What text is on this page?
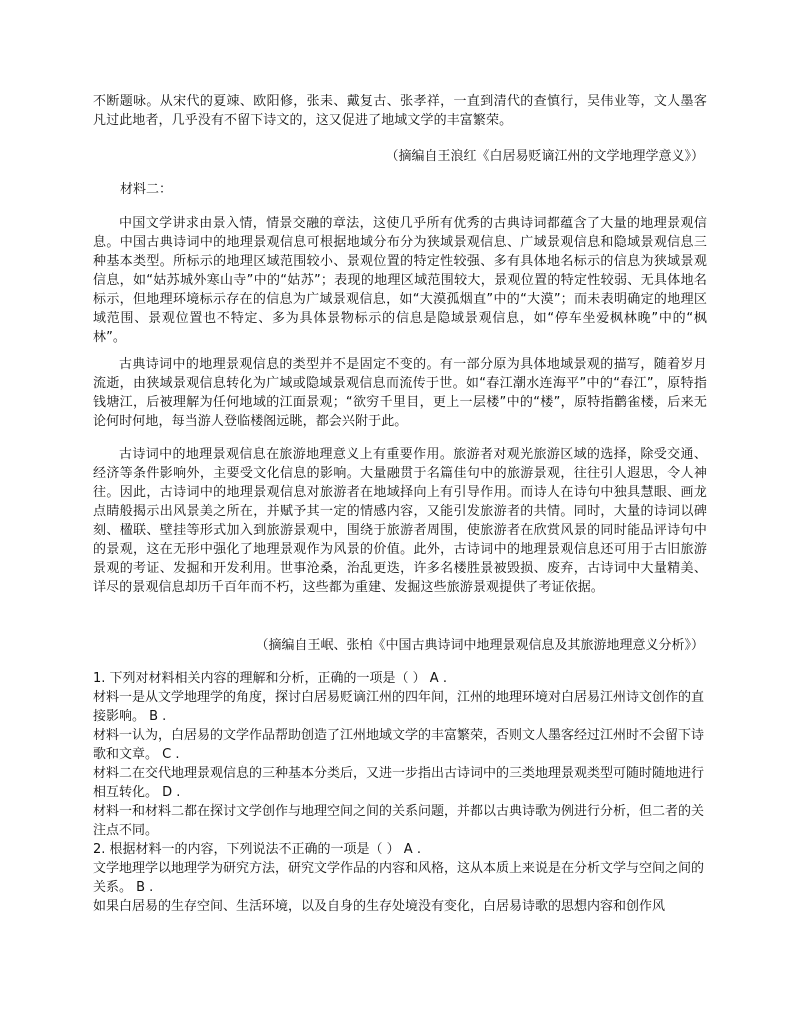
不断题咏。从宋代的夏竦、欧阳修，张耒、戴复古、张孝祥，一直到清代的查慎行，吴伟业等，文人墨客凡过此地者，几乎没有不留下诗文的，这又促进了地域文学的丰富繁荣。

（摘编自王浪红《白居易贬谪江州的文学地理学意义》）

材料二：

中国文学讲求由景入情，情景交融的章法，这使几乎所有优秀的古典诗词都蕴含了大量的地理景观信息。中国古典诗词中的地理景观信息可根据地域分布分为狭域景观信息、广域景观信息和隐域景观信息三种基本类型。所标示的地理区域范围较小、景观位置的特定性较强、多有具体地名标示的信息为狭域景观信息，如“姑苏城外寒山寺”中的“姑苏”；表现的地理区域范围较大，景观位置的特定性较弱、无具体地名标示，但地理环境标示存在的信息为广域景观信息，如“大漠孤烟直”中的“大漠”；而未表明确定的地理区域范围、景观位置也不特定、多为具体景物标示的信息是隐域景观信息，如“停车坐爱枫林晚”中的“枫林”。

古典诗词中的地理景观信息的类型并不是固定不变的。有一部分原为具体地域景观的描写，随着岁月流逝，由狭域景观信息转化为广域或隐域景观信息而流传于世。如“春江潮水连海平”中的“春江”，原特指钱塘江，后被理解为任何地域的江面景观；“欲穷千里目，更上一层楼”中的“楼”，原特指鹳雀楼，后来无论何时何地，每当游人登临楼阁远眺，都会兴附于此。

古诗词中的地理景观信息在旅游地理意义上有重要作用。旅游者对观光旅游区域的选择，除受交通、经济等条件影响外，主要受文化信息的影响。大量融贯于名篇佳句中的旅游景观，往往引人遐思，令人神往。因此，古诗词中的地理景观信息对旅游者在地域择向上有引导作用。而诗人在诗句中独具慧眼、画龙点睛般揭示出风景美之所在，并赋予其一定的情感内容，又能引发旅游者的共情。同时，大量的诗词以碑刻、楹联、壁挂等形式加入到旅游景观中，围绕于旅游者周围，使旅游者在欣赏风景的同时能品评诗句中的景观，这在无形中强化了地理景观作为风景的价值。此外，古诗词中的地理景观信息还可用于古旧旅游景观的考证、发掘和开发利用。世事沧桑，治乱更迭，许多名楼胜景被毁损、废弃，古诗词中大量精美、详尽的景观信息却历千百年而不朽，这些都为重建、发掘这些旅游景观提供了考证依据。

（摘编自王岷、张柏《中国古典诗词中地理景观信息及其旅游地理意义分析》）

1. 下列对材料相关内容的理解和分析，正确的一项是（ ） A .

材料一是从文学地理学的角度，探讨白居易贬谪江州的四年间，江州的地理环境对白居易江州诗文创作的直接影响。 B .

材料一认为，白居易的文学作品帮助创造了江州地域文学的丰富繁荣，否则文人墨客经过江州时不会留下诗歌和文章。 C .

材料二在交代地理景观信息的三种基本分类后，又进一步指出古诗词中的三类地理景观类型可随时随地进行相互转化。 D .

材料一和材料二都在探讨文学创作与地理空间之间的关系问题，并都以古典诗歌为例进行分析，但二者的关注点不同。

2. 根据材料一的内容，下列说法不正确的一项是（ ） A .

文学地理学以地理学为研究方法，研究文学作品的内容和风格，这从本质上来说是在分析文学与空间之间的关系。 B .

如果白居易的生存空间、生活环境，以及自身的生存处境没有变化，白居易诗歌的思想内容和创作风
